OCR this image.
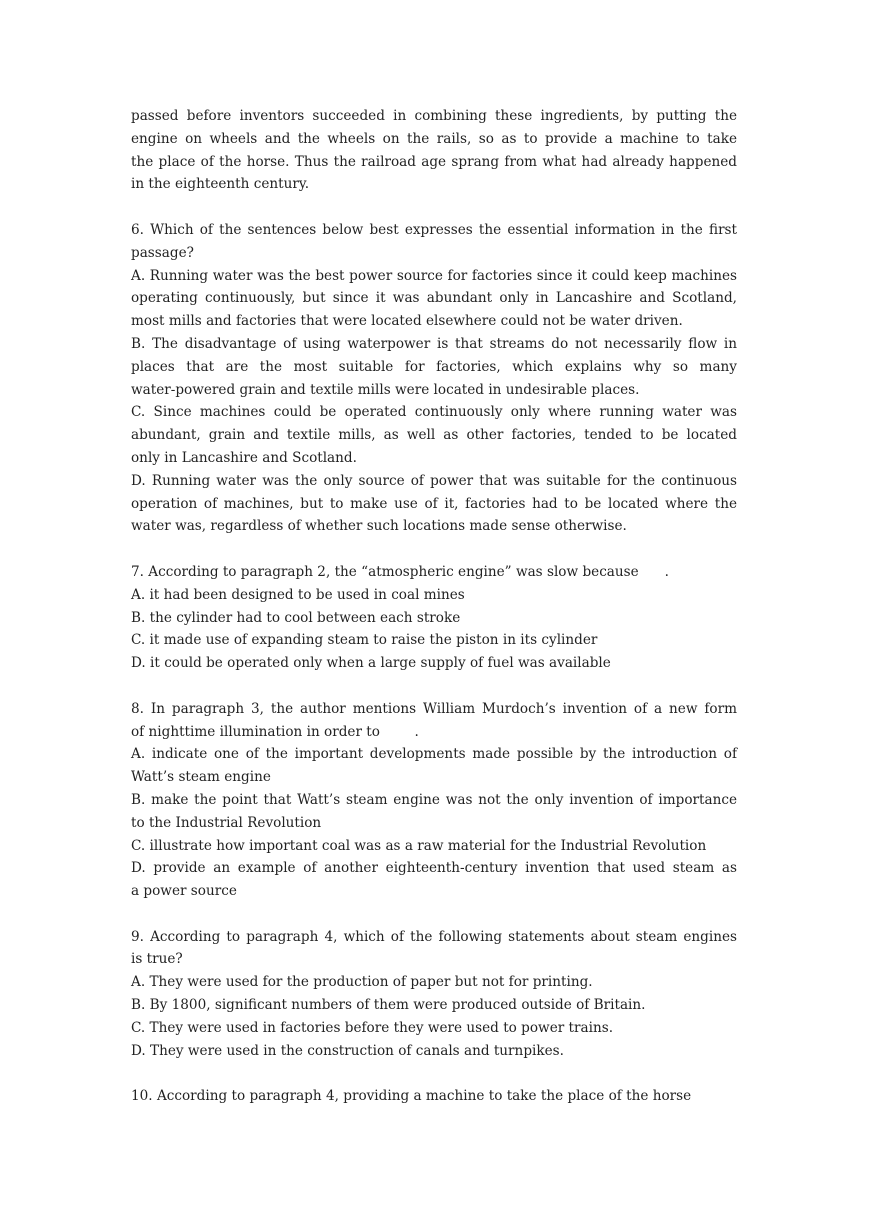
passed before inventors succeeded in combining these ingredients, by putting the
engine on wheels and the wheels on the rails, so as to provide a machine to take
the place of the horse. Thus the railroad age sprang from what had already happened
in the eighteenth century.
6. Which of the sentences below best expresses the essential information in the first
passage?
A. Running water was the best power source for factories since it could keep machines
operating continuously, but since it was abundant only in Lancashire and Scotland,
most mills and factories that were located elsewhere could not be water driven.
B. The disadvantage of using waterpower is that streams do not necessarily flow in
places that are the most suitable for factories, which explains why so many
water-powered grain and textile mills were located in undesirable places.
C. Since machines could be operated continuously only where running water was
abundant, grain and textile mills, as well as other factories, tended to be located
only in Lancashire and Scotland.
D. Running water was the only source of power that was suitable for the continuous
operation of machines, but to make use of it, factories had to be located where the
water was, regardless of whether such locations made sense otherwise.
7. According to paragraph 2, the “atmospheric engine” was slow because      .
A. it had been designed to be used in coal mines
B. the cylinder had to cool between each stroke
C. it made use of expanding steam to raise the piston in its cylinder
D. it could be operated only when a large supply of fuel was available
8. In paragraph 3, the author mentions William Murdoch’s invention of a new form
of nighttime illumination in order to        .
A. indicate one of the important developments made possible by the introduction of
Watt’s steam engine
B. make the point that Watt’s steam engine was not the only invention of importance
to the Industrial Revolution
C. illustrate how important coal was as a raw material for the Industrial Revolution
D. provide an example of another eighteenth-century invention that used steam as
a power source
9. According to paragraph 4, which of the following statements about steam engines
is true?
A. They were used for the production of paper but not for printing.
B. By 1800, significant numbers of them were produced outside of Britain.
C. They were used in factories before they were used to power trains.
D. They were used in the construction of canals and turnpikes.
10. According to paragraph 4, providing a machine to take the place of the horse
